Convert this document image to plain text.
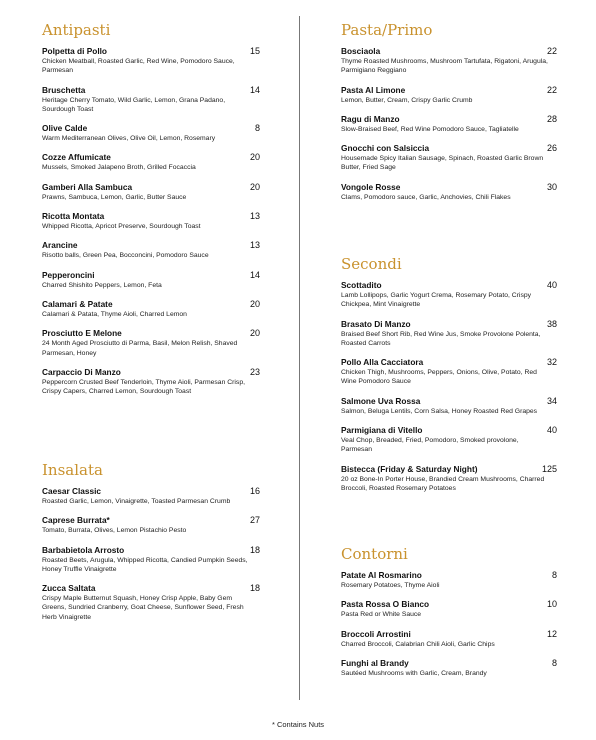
Antipasti
Polpetta di Pollo	15
Chicken Meatball, Roasted Garlic, Red Wine, Pomodoro Sauce, Parmesan
Bruschetta	14
Heritage Cherry Tomato, Wild Garlic, Lemon, Grana Padano, Sourdough Toast
Olive Calde	8
Warm Mediterranean Olives, Olive Oil, Lemon, Rosemary
Cozze Affumicate	20
Mussels, Smoked Jalapeno Broth, Grilled Focaccia
Gamberi Alla Sambuca	20
Prawns, Sambuca, Lemon, Garlic, Butter Sauce
Ricotta Montata	13
Whipped Ricotta, Apricot Preserve, Sourdough Toast
Arancine	13
Risotto balls, Green Pea, Bocconcini, Pomodoro Sauce
Pepperoncini	14
Charred Shishito Peppers, Lemon, Feta
Calamari & Patate	20
Calamari & Patata, Thyme Aioli, Charred Lemon
Prosciutto E Melone	20
24 Month Aged Prosciutto di Parma, Basil, Melon Relish, Shaved Parmesan, Honey
Carpaccio Di Manzo	23
Peppercorn Crusted Beef Tenderloin, Thyme Aioli, Parmesan Crisp, Crispy Capers, Charred Lemon, Sourdough Toast
Insalata
Caesar Classic	16
Roasted Garlic, Lemon, Vinaigrette, Toasted Parmesan Crumb
Caprese Burrata*	27
Tomato, Burrata, Olives, Lemon Pistachio Pesto
Barbabietola Arrosto	18
Roasted Beets, Arugula, Whipped Ricotta, Candied Pumpkin Seeds, Honey Truffle Vinaigrette
Zucca Saltata	18
Crispy Maple Butternut Squash, Honey Crisp Apple, Baby Gem Greens, Sundried Cranberry, Goat Cheese, Sunflower Seed, Fresh Herb Vinaigrette
Pasta/Primo
Bosciaola	22
Thyme Roasted Mushrooms, Mushroom Tartufata, Rigatoni, Arugula, Parmigiano Reggiano
Pasta Al Limone	22
Lemon, Butter, Cream, Crispy Garlic Crumb
Ragu di Manzo	28
Slow-Braised Beef, Red Wine Pomodoro Sauce, Tagliatelle
Gnocchi con Salsiccia	26
Housemade Spicy Italian Sausage, Spinach, Roasted Garlic Brown Butter, Fried Sage
Vongole Rosse	30
Clams, Pomodoro sauce, Garlic, Anchovies, Chili Flakes
Secondi
Scottadito	40
Lamb Lollipops, Garlic Yogurt Crema, Rosemary Potato, Crispy Chickpea, Mint Vinaigrette
Brasato Di Manzo	38
Braised Beef Short Rib, Red Wine Jus, Smoke Provolone Polenta, Roasted Carrots
Pollo Alla Cacciatora	32
Chicken Thigh, Mushrooms, Peppers, Onions, Olive, Potato, Red Wine Pomodoro Sauce
Salmone Uva Rossa	34
Salmon, Beluga Lentils, Corn Salsa, Honey Roasted Red Grapes
Parmigiana di Vitello	40
Veal Chop, Breaded, Fried, Pomodoro, Smoked provolone, Parmesan
Bistecca (Friday & Saturday Night)	125
20 oz Bone-In Porter House, Brandied Cream Mushrooms, Charred Broccoli, Roasted Rosemary Potatoes
Contorni
Patate Al Rosmarino	8
Rosemary Potatoes, Thyme Aioli
Pasta Rossa O Bianco	10
Pasta Red or White Sauce
Broccoli Arrostini	12
Charred Broccoli, Calabrian Chili Aioli, Garlic Chips
Funghi al Brandy	8
Sautéed Mushrooms with Garlic, Cream, Brandy
* Contains Nuts
